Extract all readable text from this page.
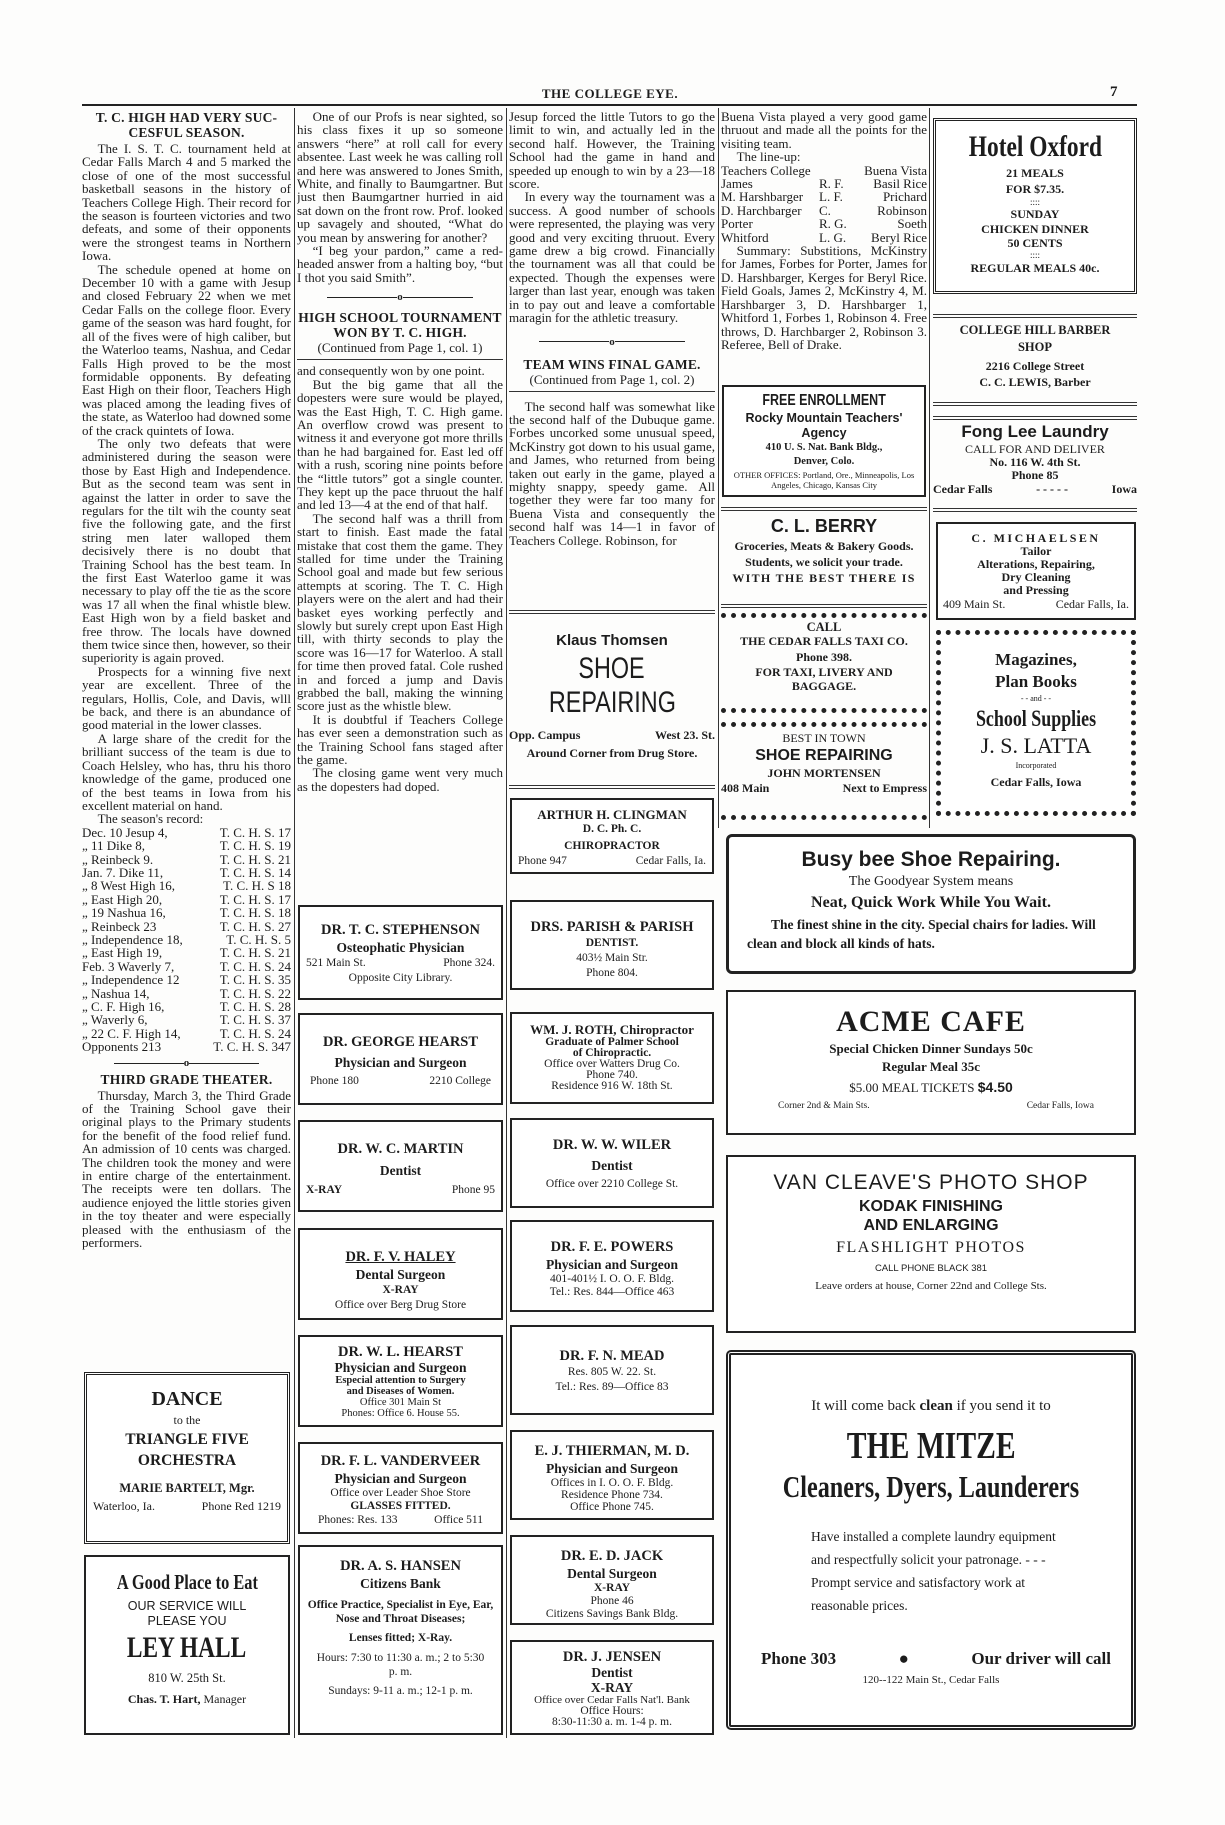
THE COLLEGE EYE.	7
T. C. HIGH HAD VERY SUC-CESFUL SEASON.

The I. S. T. C. tournament held at Cedar Falls March 4 and 5 marked the close of one of the most successful basketball seasons in the history of Teachers College High. Their record for the season is fourteen victories and two defeats, and some of their opponents were the strongest teams in Northern Iowa.

The schedule opened at home on December 10 with a game with Jesup and closed February 22 when we met Cedar Falls on the college floor. Every game of the season was hard fought, for all of the fives were of high caliber, but the Waterloo teams, Nashua, and Cedar Falls High proved to be the most formidable opponents. By defeating East High on their floor, Teachers High was placed among the leading fives of the state, as Waterloo had downed some of the crack quintets of Iowa.

The only two defeats that were administered during the season were those by East High and Independence. But as the second team was sent in against the latter in order to save the regulars for the tilt wih the county seat five the following gate, and the first string men later walloped them decisively there is no doubt that Training School has the best team. In the first East Waterloo game it was necessary to play off the tie as the score was 17 all when the final whistle blew. East High won by a field basket and free throw. The locals have downed them twice since then, however, so their superiority is again proved.

Prospects for a winning five next year are excellent. Three of the regulars, Hollis, Cole, and Davis, wlll be back, and there is an abundance of good material in the lower classes.

A large share of the credit for the brilliant success of the team is due to Coach Helsley, who has, thru his thoro knowledge of the game, produced one of the best teams in Iowa from his excellent material on hand.

The season's record:

Dec. 10 Jesup 4,	T. C. H. S. 17
„ 11 Dike 8,	T. C. H. S. 19
„ Reinbeck 9.	T. C. H. S. 21
Jan. 7. Dike 11,	T. C. H. S. 14
„ 8 West High 16,	T. C. H. S 18
„ East High 20,	T. C. H. S. 17
„ 19 Nashua 16,	T. C. H. S. 18
„ Reinbeck 23	T. C. H. S. 27
„ Independence 18,	T. C. H. S. 5
„ East High 19,	T. C. H. S. 21
Feb. 3 Waverly 7,	T. C. H. S. 24
„ Independence 12	T. C. H. S. 35
„ Nashua 14,	T. C. H. S. 22
„ C. F. High 16,	T. C. H. S. 28
„ Waverly 6,	T. C. H. S. 37
„ 22 C. F. High 14,	T. C. H. S. 24
Opponents 213	T. C. H. S. 347
o
THIRD GRADE THEATER.

Thursday, March 3, the Third Grade of the Training School gave their original plays to the Primary students for the benefit of the food relief fund. An admission of 10 cents was charged. The children took the money and were in entire charge of the entertainment. The receipts were ten dollars. The audience enjoyed the little stories given in the toy theater and were especially pleased with the enthusiasm of the performers.

DANCE
to the
TRIANGLE FIVE ORCHESTRA
MARIE BARTELT, Mgr.
Waterloo, Ia.	Phone Red 1219
A Good Place to Eat
OUR SERVICE WILL PLEASE YOU
LEY HALL
810 W. 25th St.
Chas. T. Hart, Manager

One of our Profs is near sighted, so his class fixes it up so someone answers “here” at roll call for every absentee. Last week he was calling roll and here was answered to Jones Smith, White, and finally to Baumgartner. But just then Baumgartner hurried in aid sat down on the front row. Prof. looked up savagely and shouted, “What do you mean by answering for another?

“I beg your pardon,” came a red-headed answer from a halting boy, “but I thot you said Smith”.

o
HIGH SCHOOL TOURNAMENT WON BY T. C. HIGH.
(Continued from Page 1, col. 1)

and consequently won by one point.

But the big game that all the dopesters were sure would be played, was the East High, T. C. High game. An overflow crowd was present to witness it and everyone got more thrills than he had bargained for. East led off with a rush, scoring nine points before the “little tutors” got a single counter. They kept up the pace thruout the half and led 13—4 at the end of that half.

The second half was a thrill from start to finish. East made the fatal mistake that cost them the game. They stalled for time under the Training School goal and made but few serious attempts at scoring. The T. C. High players were on the alert and had their basket eyes working perfectly and slowly but surely crept upon East High till, with thirty seconds to play the score was 16—17 for Waterloo. A stall for time then proved fatal. Cole rushed in and forced a jump and Davis grabbed the ball, making the winning score just as the whistle blew.

It is doubtful if Teachers College has ever seen a demonstration such as the Training School fans staged after the game.

The closing game went very much as the dopesters had doped.

DR. T. C. STEPHENSON
Osteophatic Physician
521 Main St.	Phone 324.
Opposite City Library.
DR. GEORGE HEARST
Physician and Surgeon
Phone 180	2210 College
DR. W. C. MARTIN
Dentist
X-RAY	Phone 95
DR. F. V. HALEY
Dental Surgeon
X-RAY
Office over Berg Drug Store
DR. W. L. HEARST
Physician and Surgeon
Especial attention to Surgery
and Diseases of Women.
Office 301 Main St
Phones: Office 6. House 55.
DR. F. L. VANDERVEER
Physician and Surgeon
Office over Leader Shoe Store
GLASSES FITTED.
Phones: Res. 133	Office 511
DR. A. S. HANSEN
Citizens Bank
Office Practice, Specialist in Eye, Ear, Nose and Throat Diseases;
Lenses fitted; X-Ray.
Hours: 7:30 to 11:30 a. m.; 2 to 5:30 p. m.
Sundays: 9-11 a. m.; 12-1 p. m.

Jesup forced the little Tutors to go the limit to win, and actually led in the second half. However, the Training School had the game in hand and speeded up enough to win by a 23—18 score.

In every way the tournament was a success. A good number of schools were represented, the playing was very good and very exciting thruout. Every game drew a big crowd. Financially the tournament was all that could be expected. Though the expenses were larger than last year, enough was taken in to pay out and leave a comfortable maragin for the athletic treasury.

o
TEAM WINS FINAL GAME.
(Continued from Page 1, col. 2)

The second half was somewhat like the second half of the Dubuque game. Forbes uncorked some unusual speed, McKinstry got down to his usual game, and James, who returned from being taken out early in the game, played a mighty snappy, speedy game. All together they were far too many for Buena Vista and consequently the second half was 14—1 in favor of Teachers College. Robinson, for

Klaus Thomsen
SHOE
REPAIRING
Opp. Campus	West 23. St.
Around Corner from Drug Store.
ARTHUR H. CLINGMAN
D. C. Ph. C.
CHIROPRACTOR
Phone 947	Cedar Falls, Ia.
DRS. PARISH & PARISH
DENTIST.
403½ Main Str.
Phone 804.
WM. J. ROTH, Chiropractor
Graduate of Palmer School
of Chiropractic.
Office over Watters Drug Co.
Phone 740.
Residence 916 W. 18th St.
DR. W. W. WILER
Dentist
Office over 2210 College St.
DR. F. E. POWERS
Physician and Surgeon
401-401½ I. O. O. F. Bldg.
Tel.: Res. 844—Office 463
DR. F. N. MEAD
Res. 805 W. 22. St.
Tel.: Res. 89—Office 83
E. J. THIERMAN, M. D.
Physician and Surgeon
Offices in I. O. O. F. Bldg.
Residence Phone 734.
Office Phone 745.
DR. E. D. JACK
Dental Surgeon
X-RAY
Phone 46
Citizens Savings Bank Bldg.
DR. J. JENSEN
Dentist
X-RAY
Office over Cedar Falls Nat'l. Bank
Office Hours:
8:30-11:30 a. m. 1-4 p. m.

Buena Vista played a very good game thruout and made all the points for the visiting team.

The line-up:

Teachers College	Buena Vista
James	R. F.	Basil Rice
M. Harshbarger	L. F.	Prichard
D. Harchbarger	C.	Robinson
Porter	R. G.	Soeth
Whitford	L. G.	Beryl Rice

Summary: Substitions, McKinstry for James, Forbes for Porter, James for D. Harshbarger, Kerges for Beryl Rice. Field Goals, James 2, McKinstry 4, M. Harshbarger 3, D. Harshbarger 1, Whitford 1, Forbes 1, Robinson 4. Free throws, D. Harchbarger 2, Robinson 3. Referee, Bell of Drake.

FREE ENROLLMENT
Rocky Mountain Teachers' Agency
410 U. S. Nat. Bank Bldg.,
Denver, Colo.
OTHER OFFICES: Portland, Ore., Minneapolis, Los Angeles, Chicago, Kansas City
C. L. BERRY
Groceries, Meats & Bakery Goods.
Students, we solicit your trade.
WITH THE BEST THERE IS
CALL
THE CEDAR FALLS TAXI CO.
Phone 398.
FOR TAXI, LIVERY AND BAGGAGE.
BEST IN TOWN
SHOE REPAIRING
JOHN MORTENSEN
408 Main	Next to Empress
Hotel Oxford
21 MEALS
FOR $7.35.
::::
SUNDAY
CHICKEN DINNER
50 CENTS
::::
REGULAR MEALS 40c.
COLLEGE HILL BARBER SHOP
2216 College Street
C. C. LEWIS, Barber
Fong Lee Laundry
CALL FOR AND DELIVER
No. 116 W. 4th St.
Phone 85
Cedar Falls	- - - - -	Iowa
C. MICHAELSEN
Tailor
Alterations, Repairing,
Dry Cleaning
and Pressing
409 Main St.	Cedar Falls, Ia.
Magazines,
Plan Books
- - and - -
School Supplies
J. S. LATTA
Incorporated
Cedar Falls, Iowa
Busy bee Shoe Repairing.
The Goodyear System means
Neat, Quick Work While You Wait.
The finest shine in the city. Special chairs for ladies. Will clean and block all kinds of hats.
ACME CAFE
Special Chicken Dinner Sundays 50c
Regular Meal 35c
$5.00 MEAL TICKETS $4.50
Corner 2nd & Main Sts.	Cedar Falls, Iowa
VAN CLEAVE'S PHOTO SHOP
KODAK FINISHING
AND ENLARGING
FLASHLIGHT PHOTOS
CALL PHONE BLACK 381
Leave orders at house, Corner 22nd and College Sts.
It will come back clean if you send it to
THE MITZE
Cleaners, Dyers, Launderers
Have installed a complete laundry equipment and respectfully solicit your patronage. - - - Prompt service and satisfactory work at reasonable prices.
Phone 303	●	Our driver will call
120--122 Main St., Cedar Falls
